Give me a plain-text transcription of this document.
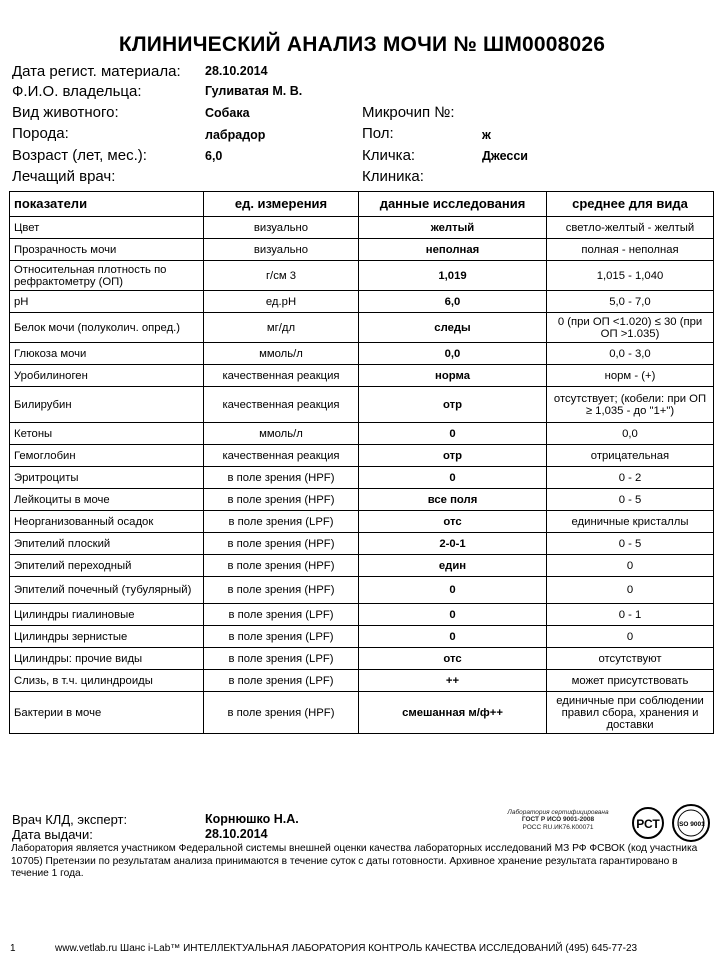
КЛИНИЧЕСКИЙ АНАЛИЗ МОЧИ № ШМ0008026
Дата регист. материала: 28.10.2014
Ф.И.О. владельца:	Гуливатая М. В.
Вид животного:	Собака	Микрочип №:
Порода:	лабрадор	Пол:	ж
Возраст (лет, мес.):	6,0	Кличка:	Джесси
Лечащий врач:	Клиника:
показатели	ед. измерения	данные исследования	среднее для вида
Цвет	визуально	желтый	светло-желтый - желтый
Прозрачность мочи	визуально	неполная	полная - неполная
Относительная плотность по рефрактометру (ОП)	г/см 3	1,019	1,015 - 1,040
pH	ед.pH	6,0	5,0 - 7,0
Белок мочи (полуколич. опред.)	мг/дл	следы	0 (при ОП <1.020) ≤ 30 (при ОП >1.035)
Глюкоза мочи	ммоль/л	0,0	0,0 - 3,0
Уробилиноген	качественная реакция	норма	норм - (+)
Билирубин	качественная реакция	отр	отсутствует; (кобели: при ОП ≥ 1,035 - до "1+")
Кетоны	ммоль/л	0	0,0
Гемоглобин	качественная реакция	отр	отрицательная
Эритроциты	в поле зрения (HPF)	0	0 - 2
Лейкоциты в моче	в поле зрения (HPF)	все поля	0 - 5
Неорганизованный осадок	в поле зрения (LPF)	отс	единичные кристаллы
Эпителий плоский	в поле зрения (HPF)	2-0-1	0 - 5
Эпителий переходный	в поле зрения (HPF)	един	0
Эпителий почечный (тубулярный)	в поле зрения (HPF)	0	0
Цилиндры гиалиновые	в поле зрения (LPF)	0	0 - 1
Цилиндры зернистые	в поле зрения (LPF)	0	0
Цилиндры: прочие виды	в поле зрения (LPF)	отс	отсутствуют
Слизь, в т.ч. цилиндроиды	в поле зрения (LPF)	++	может присутствовать
Бактерии в моче	в поле зрения (HPF)	смешанная м/ф++	единичные при соблюдении правил сбора, хранения и доставки
Врач КЛД, эксперт:	Корнюшко Н.А.
Дата выдачи:	28.10.2014
Лаборатория сертифицирована
ГОСТ Р ИСО 9001-2008
РОСС RU.ИК76.К00071	РСТ	ISO 9001
Лаборатория является участником Федеральной системы внешней оценки качества лабораторных исследований МЗ РФ ФСВОК (код участника 10705) Претензии по результатам анализа принимаются в течение суток с даты готовности. Архивное хранение результата гарантировано в течение 1 года.
1	www.vetlab.ru Шанс i-Lab™ ИНТЕЛЛЕКТУАЛЬНАЯ ЛАБОРАТОРИЯ КОНТРОЛЬ КАЧЕСТВА ИССЛЕДОВАНИЙ (495) 645-77-23
